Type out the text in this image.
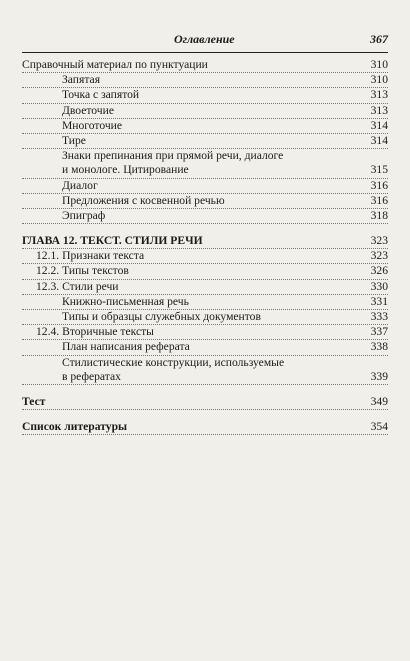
Оглавление	367
Справочный материал по пунктуации	310
Запятая	310
Точка с запятой	313
Двоеточие	313
Многоточие	314
Тире	314
Знаки препинания при прямой речи, диалоге
и монологе. Цитирование	315
Диалог	316
Предложения с косвенной речью	316
Эпиграф	318
ГЛАВА 12. ТЕКСТ. СТИЛИ РЕЧИ	323
12.1. Признаки текста	323
12.2. Типы текстов	326
12.3. Стили речи	330
Книжно-письменная речь	331
Типы и образцы служебных документов	333
12.4. Вторичные тексты	337
План написания реферата	338
Стилистические конструкции, используемые
в рефератах	339
Тест	349
Список литературы	354
